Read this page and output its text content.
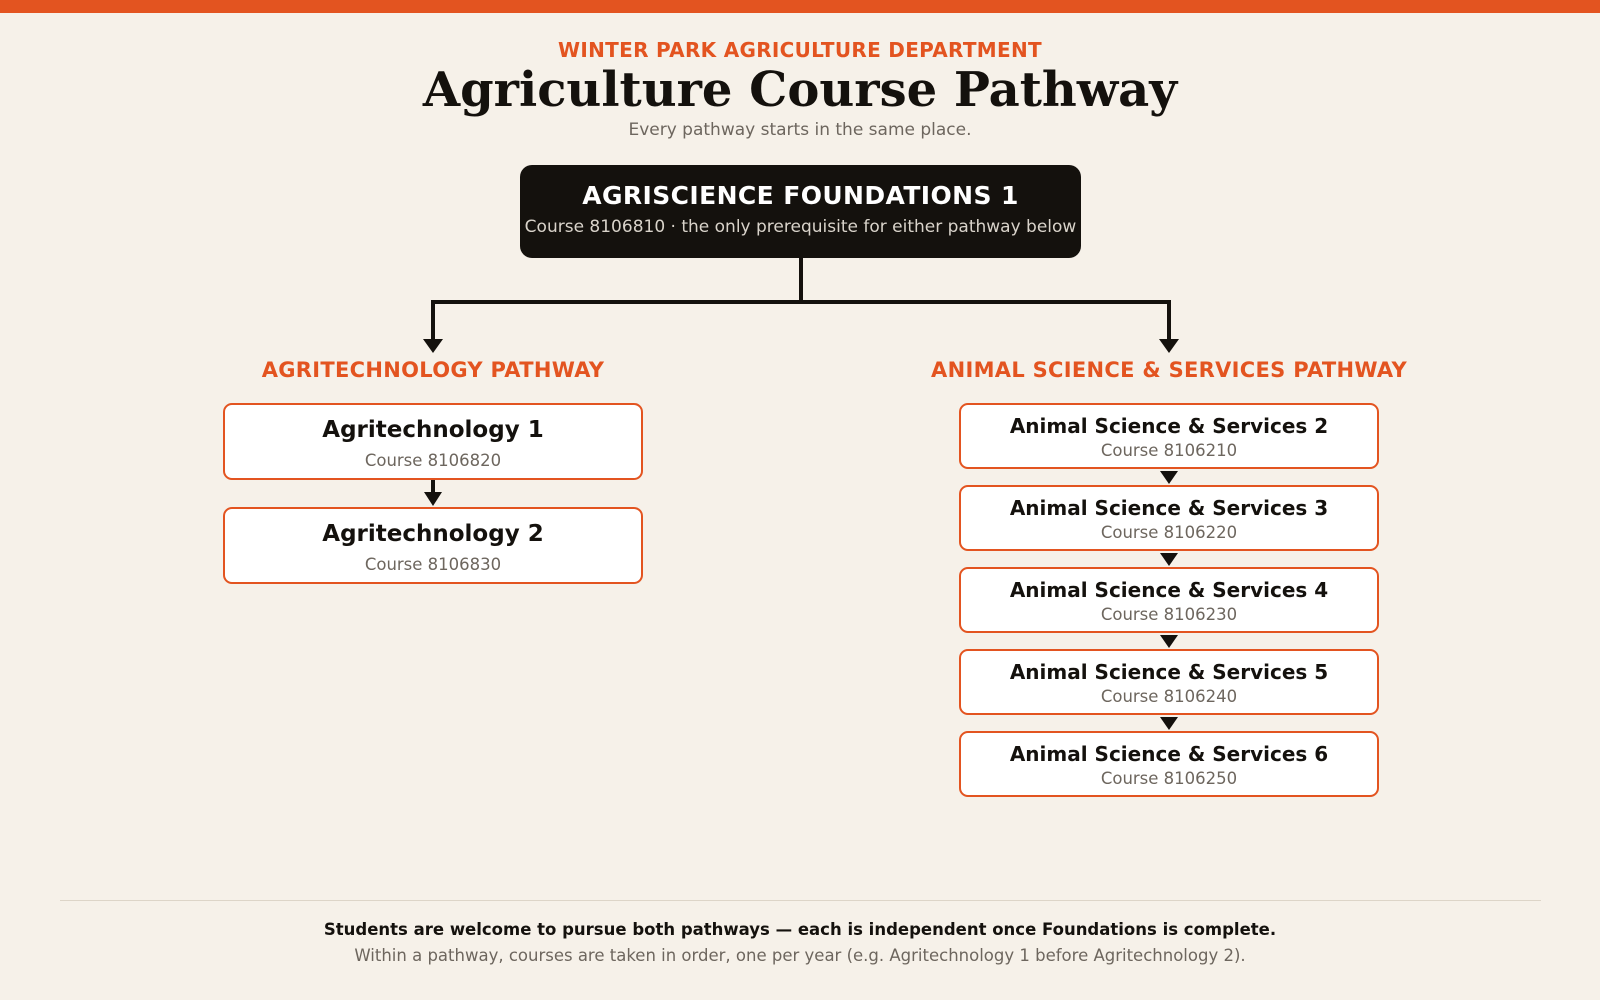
WINTER PARK AGRICULTURE DEPARTMENT
Agriculture Course Pathway
Every pathway starts in the same place.
AGRISCIENCE FOUNDATIONS 1
Course 8106810 · the only prerequisite for either pathway below
AGRITECHNOLOGY PATHWAY	ANIMAL SCIENCE & SERVICES PATHWAY
Agritechnology 1
Course 8106820
Agritechnology 2
Course 8106830
Animal Science & Services 2
Course 8106210
Animal Science & Services 3
Course 8106220
Animal Science & Services 4
Course 8106230
Animal Science & Services 5
Course 8106240
Animal Science & Services 6
Course 8106250
Students are welcome to pursue both pathways — each is independent once Foundations is complete.
Within a pathway, courses are taken in order, one per year (e.g. Agritechnology 1 before Agritechnology 2).
